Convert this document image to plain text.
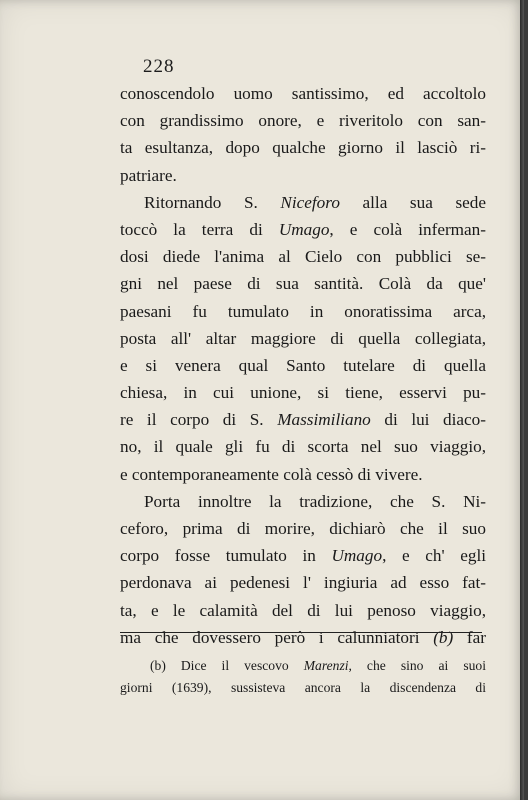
228
conoscendolo uomo santissimo, ed accoltolo
con grandissimo onore, e riveritolo con san-
ta esultanza, dopo qualche giorno il lasciò ri-
patriare.
Ritornando S. Niceforo alla sua sede
toccò la terra di Umago, e colà inferman-
dosi diede l'anima al Cielo con pubblici se-
gni nel paese di sua santità. Colà da que'
paesani fu tumulato in onoratissima arca,
posta all' altar maggiore di quella collegiata,
e si venera qual Santo tutelare di quella
chiesa, in cui unione, si tiene, esservi pu-
re il corpo di S. Massimiliano di lui diaco-
no, il quale gli fu di scorta nel suo viaggio,
e contemporaneamente colà cessò di vivere.
Porta innoltre la tradizione, che S. Ni-
ceforo, prima di morire, dichiarò che il suo
corpo fosse tumulato in Umago, e ch' egli
perdonava ai pedenesi l' ingiuria ad esso fat-
ta, e le calamità del di lui penoso viaggio,
ma che dovessero però i calunniatori (b) far
(b) Dice il vescovo Marenzi, che sino ai suoi
giorni (1639), sussisteva ancora la discendenza di
